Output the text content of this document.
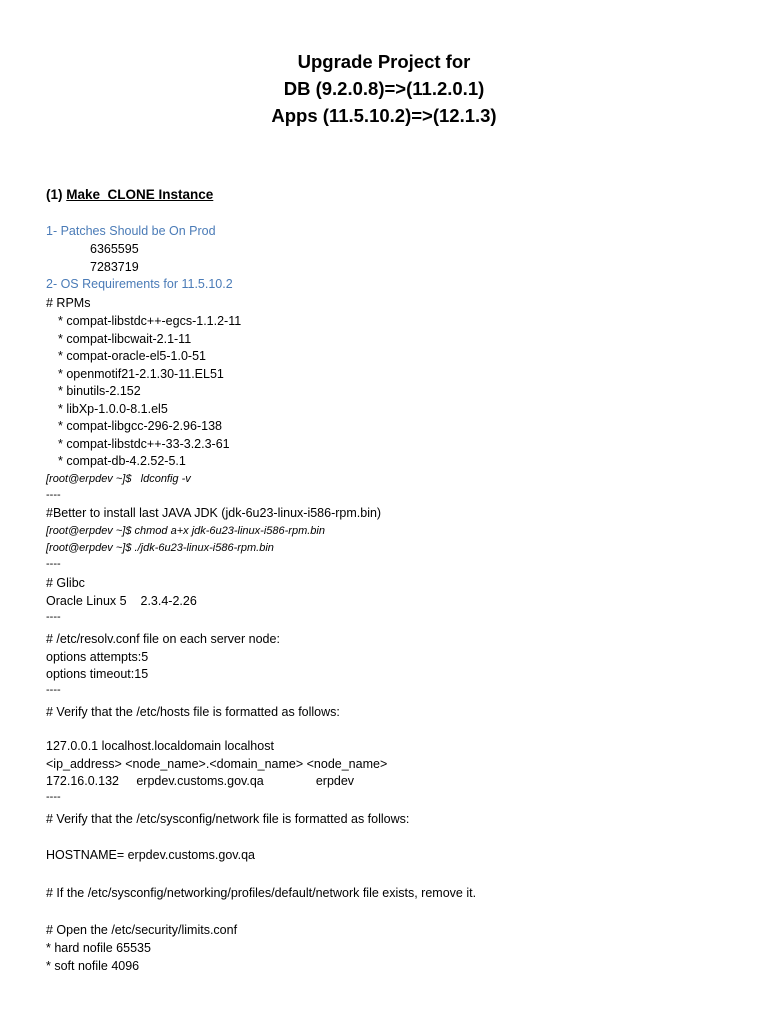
Upgrade Project for
DB (9.2.0.8)=>(11.2.0.1)
Apps (11.5.10.2)=>(12.1.3)
(1) Make  CLONE Instance
1- Patches Should be On Prod
6365595
7283719
2- OS Requirements for 11.5.10.2
# RPMs
* compat-libstdc++-egcs-1.1.2-11
* compat-libcwait-2.1-11
* compat-oracle-el5-1.0-51
* openmotif21-2.1.30-11.EL51
* binutils-2.152
* libXp-1.0.0-8.1.el5
* compat-libgcc-296-2.96-138
* compat-libstdc++-33-3.2.3-61
* compat-db-4.2.52-5.1
[root@erpdev ~]$   ldconfig -v
----
#Better to install last JAVA JDK (jdk-6u23-linux-i586-rpm.bin)
[root@erpdev ~]$ chmod a+x jdk-6u23-linux-i586-rpm.bin
[root@erpdev ~]$ ./jdk-6u23-linux-i586-rpm.bin
----
# Glibc
Oracle Linux 5    2.3.4-2.26
----
# /etc/resolv.conf file on each server node:
options attempts:5
options timeout:15
----
# Verify that the /etc/hosts file is formatted as follows:
127.0.0.1 localhost.localdomain localhost
<ip_address> <node_name>.<domain_name> <node_name>
172.16.0.132     erpdev.customs.gov.qa               erpdev
----
# Verify that the /etc/sysconfig/network file is formatted as follows:
HOSTNAME= erpdev.customs.gov.qa
# If the /etc/sysconfig/networking/profiles/default/network file exists, remove it.
# Open the /etc/security/limits.conf
* hard nofile 65535
* soft nofile 4096
